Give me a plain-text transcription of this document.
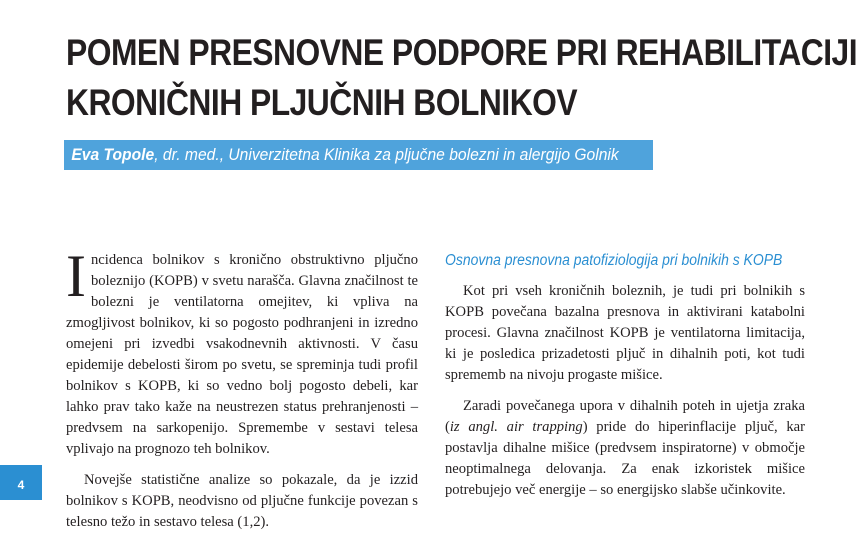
POMEN PRESNOVNE PODPORE PRI REHABILITACIJI
KRONIČNIH PLJUČNIH BOLNIKOV

Eva Topole, dr. med., Univerzitetna Klinika za pljučne bolezni in alergijo Golnik

Incidenca bolnikov s kronično obstruktivno pljučno boleznijo (KOPB) v svetu narašča. Glavna značilnost te bolezni je ventilatorna omejitev, ki vpliva na zmogljivost bolnikov, ki so pogosto podhranjeni in izredno omejeni pri izvedbi vsakodnevnih aktivnosti. V času epidemije debelosti širom po svetu, se spreminja tudi profil bolnikov s KOPB, ki so vedno bolj pogosto debeli, kar lahko prav tako kaže na neustrezen status prehranjenosti – predvsem na sarkopenijo. Spremembe v sestavi telesa vplivajo na prognozo teh bolnikov.

Novejše statistične analize so pokazale, da je izzid bolnikov s KOPB, neodvisno od pljučne funkcije povezan s telesno težo in sestavo telesa (1,2).

Osnovna presnovna patofiziologija pri bolnikih s KOPB

Kot pri vseh kroničnih boleznih, je tudi pri bolnikih s KOPB povečana bazalna presnova in aktivirani katabolni procesi. Glavna značilnost KOPB je ventilatorna limitacija, ki je posledica prizadetosti pljuč in dihalnih poti, kot tudi sprememb na nivoju progaste mišice.

Zaradi povečanega upora v dihalnih poteh in ujetja zraka (iz angl. air trapping) pride do hiperinflacije pljuč, kar postavlja dihalne mišice (predvsem inspiratorne) v območje neoptimalnega delovanja. Za enak izkoristek mišice potrebujejo več energije – so energijsko slabše učinkovite.

4
